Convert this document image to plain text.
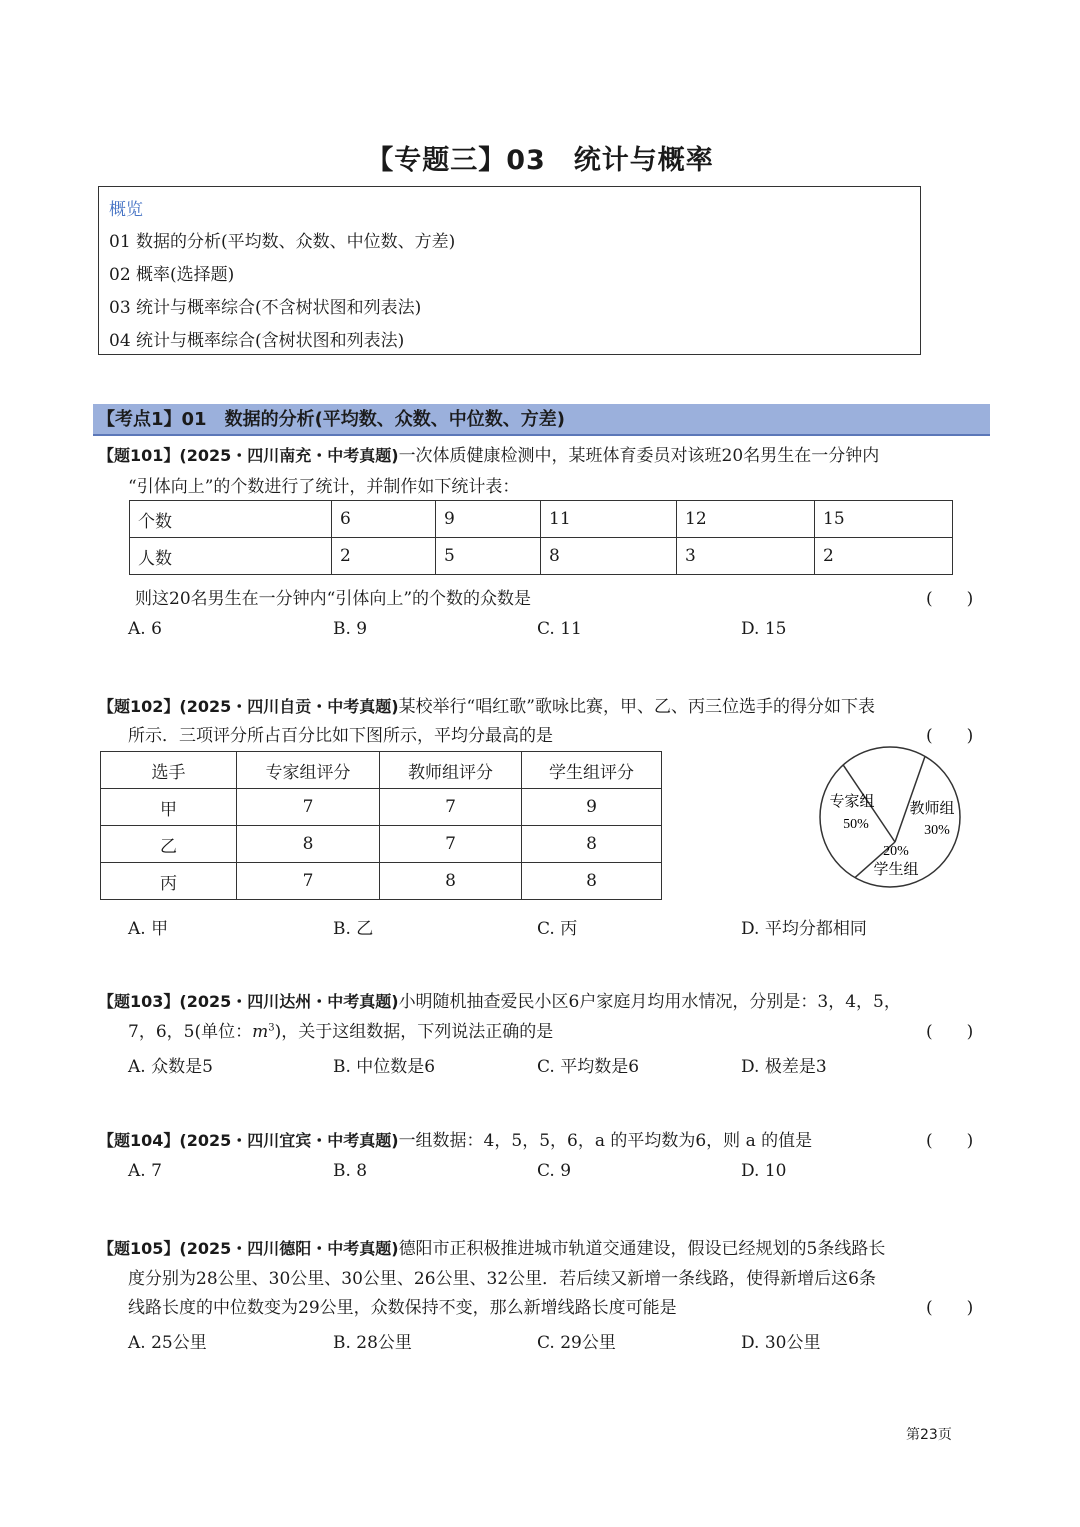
【专题三】03　统计与概率
概览
01 数据的分析(平均数、众数、中位数、方差)
02 概率(选择题)
03 统计与概率综合(不含树状图和列表法)
04 统计与概率综合(含树状图和列表法)
【考点1】01　数据的分析(平均数、众数、中位数、方差)
【题101】(2025・四川南充・中考真题)一次体质健康检测中，某班体育委员对该班20名男生在一分钟内
“引体向上”的个数进行了统计，并制作如下统计表：
个数	6	9	11	12	15
人数	2	5	8	3	2
则这20名男生在一分钟内“引体向上”的个数的众数是	(　　)
A. 6	B. 9	C. 11	D. 15
【题102】(2025・四川自贡・中考真题)某校举行“唱红歌”歌咏比赛，甲、乙、丙三位选手的得分如下表
所示．三项评分所占百分比如下图所示，平均分最高的是	(　　)
选手	专家组评分	教师组评分	学生组评分
甲	7	7	9
乙	8	7	8
丙	7	8	8
专家组
50%
教师组
30%
20%
学生组
A. 甲	B. 乙	C. 丙	D. 平均分都相同
【题103】(2025・四川达州・中考真题)小明随机抽查爱民小区6户家庭月均用水情况，分别是：3，4，5，
7，6，5(单位：$m^3$)，关于这组数据，下列说法正确的是	(　　)
A. 众数是5	B. 中位数是6	C. 平均数是6	D. 极差是3
【题104】(2025・四川宜宾・中考真题)一组数据：4，5，5，6，a 的平均数为6，则 a 的值是	(　　)
A. 7	B. 8	C. 9	D. 10
【题105】(2025・四川德阳・中考真题)德阳市正积极推进城市轨道交通建设，假设已经规划的5条线路长
度分别为28公里、30公里、30公里、26公里、32公里．若后续又新增一条线路，使得新增后这6条
线路长度的中位数变为29公里，众数保持不变，那么新增线路长度可能是	(　　)
A. 25公里	B. 28公里	C. 29公里	D. 30公里
第23页
